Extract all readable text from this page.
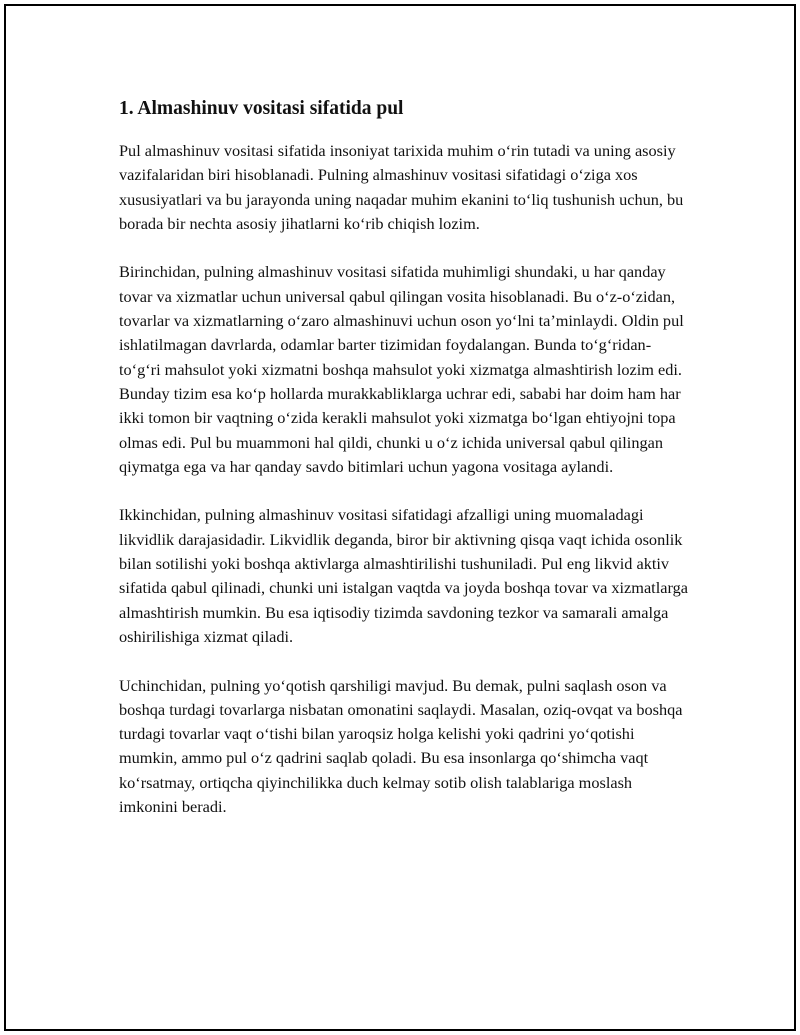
1. Almashinuv vositasi sifatida pul

Pul almashinuv vositasi sifatida insoniyat tarixida muhim o‘rin tutadi va uning asosiy vazifalaridan biri hisoblanadi. Pulning almashinuv vositasi sifatidagi o‘ziga xos xususiyatlari va bu jarayonda uning naqadar muhim ekanini to‘liq tushunish uchun, bu borada bir nechta asosiy jihatlarni ko‘rib chiqish lozim.

Birinchidan, pulning almashinuv vositasi sifatida muhimligi shundaki, u har qanday tovar va xizmatlar uchun universal qabul qilingan vosita hisoblanadi. Bu o‘z-o‘zidan, tovarlar va xizmatlarning o‘zaro almashinuvi uchun oson yo‘lni ta’minlaydi. Oldin pul ishlatilmagan davrlarda, odamlar barter tizimidan foydalangan. Bunda to‘g‘ridan-to‘g‘ri mahsulot yoki xizmatni boshqa mahsulot yoki xizmatga almashtirish lozim edi. Bunday tizim esa ko‘p hollarda murakkabliklarga uchrar edi, sababi har doim ham har ikki tomon bir vaqtning o‘zida kerakli mahsulot yoki xizmatga bo‘lgan ehtiyojni topa olmas edi. Pul bu muammoni hal qildi, chunki u o‘z ichida universal qabul qilingan qiymatga ega va har qanday savdo bitimlari uchun yagona vositaga aylandi.

Ikkinchidan, pulning almashinuv vositasi sifatidagi afzalligi uning muomaladagi likvidlik darajasidadir. Likvidlik deganda, biror bir aktivning qisqa vaqt ichida osonlik bilan sotilishi yoki boshqa aktivlarga almashtirilishi tushuniladi. Pul eng likvid aktiv sifatida qabul qilinadi, chunki uni istalgan vaqtda va joyda boshqa tovar va xizmatlarga almashtirish mumkin. Bu esa iqtisodiy tizimda savdoning tezkor va samarali amalga oshirilishiga xizmat qiladi.

Uchinchidan, pulning yo‘qotish qarshiligi mavjud. Bu demak, pulni saqlash oson va boshqa turdagi tovarlarga nisbatan omonatini saqlaydi. Masalan, oziq-ovqat va boshqa turdagi tovarlar vaqt o‘tishi bilan yaroqsiz holga kelishi yoki qadrini yo‘qotishi mumkin, ammo pul o‘z qadrini saqlab qoladi. Bu esa insonlarga qo‘shimcha vaqt ko‘rsatmay, ortiqcha qiyinchilikka duch kelmay sotib olish talablariga moslash imkonini beradi.
